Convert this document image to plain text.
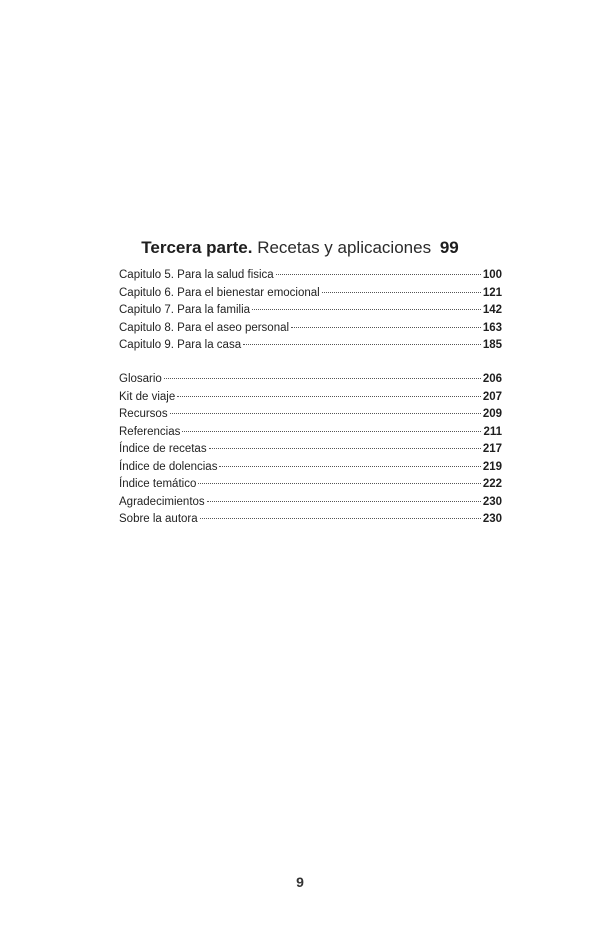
Tercera parte. Recetas y aplicaciones 99
Capitulo 5. Para la salud fisica	100
Capitulo 6. Para el bienestar emocional	121
Capitulo 7. Para la familia	142
Capitulo 8. Para el aseo personal	163
Capitulo 9. Para la casa	185
Glosario	206
Kit de viaje	207
Recursos	209
Referencias	211
Índice de recetas	217
Índice de dolencias	219
Índice temático	222
Agradecimientos	230
Sobre la autora	230
9
